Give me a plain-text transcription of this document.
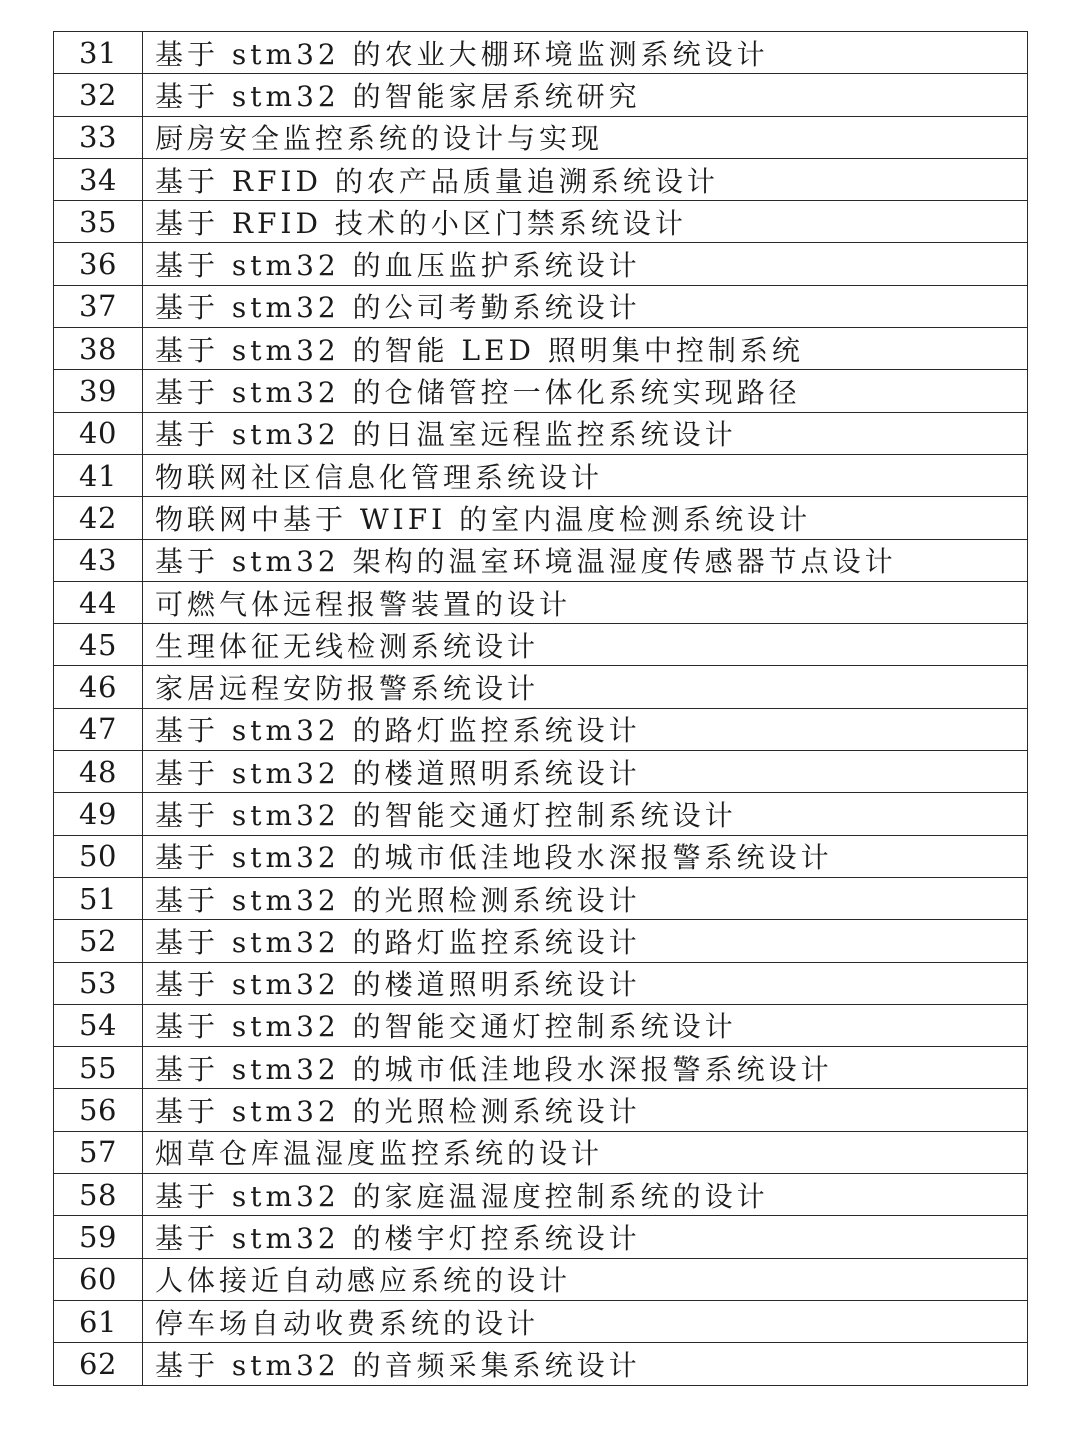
31	基于 stm32 的农业大棚环境监测系统设计
32	基于 stm32 的智能家居系统研究
33	厨房安全监控系统的设计与实现
34	基于 RFID 的农产品质量追溯系统设计
35	基于 RFID 技术的小区门禁系统设计
36	基于 stm32 的血压监护系统设计
37	基于 stm32 的公司考勤系统设计
38	基于 stm32 的智能 LED 照明集中控制系统
39	基于 stm32 的仓储管控一体化系统实现路径
40	基于 stm32 的日温室远程监控系统设计
41	物联网社区信息化管理系统设计
42	物联网中基于 WIFI 的室内温度检测系统设计
43	基于 stm32 架构的温室环境温湿度传感器节点设计
44	可燃气体远程报警装置的设计
45	生理体征无线检测系统设计
46	家居远程安防报警系统设计
47	基于 stm32 的路灯监控系统设计
48	基于 stm32 的楼道照明系统设计
49	基于 stm32 的智能交通灯控制系统设计
50	基于 stm32 的城市低洼地段水深报警系统设计
51	基于 stm32 的光照检测系统设计
52	基于 stm32 的路灯监控系统设计
53	基于 stm32 的楼道照明系统设计
54	基于 stm32 的智能交通灯控制系统设计
55	基于 stm32 的城市低洼地段水深报警系统设计
56	基于 stm32 的光照检测系统设计
57	烟草仓库温湿度监控系统的设计
58	基于 stm32 的家庭温湿度控制系统的设计
59	基于 stm32 的楼宇灯控系统设计
60	人体接近自动感应系统的设计
61	停车场自动收费系统的设计
62	基于 stm32 的音频采集系统设计
